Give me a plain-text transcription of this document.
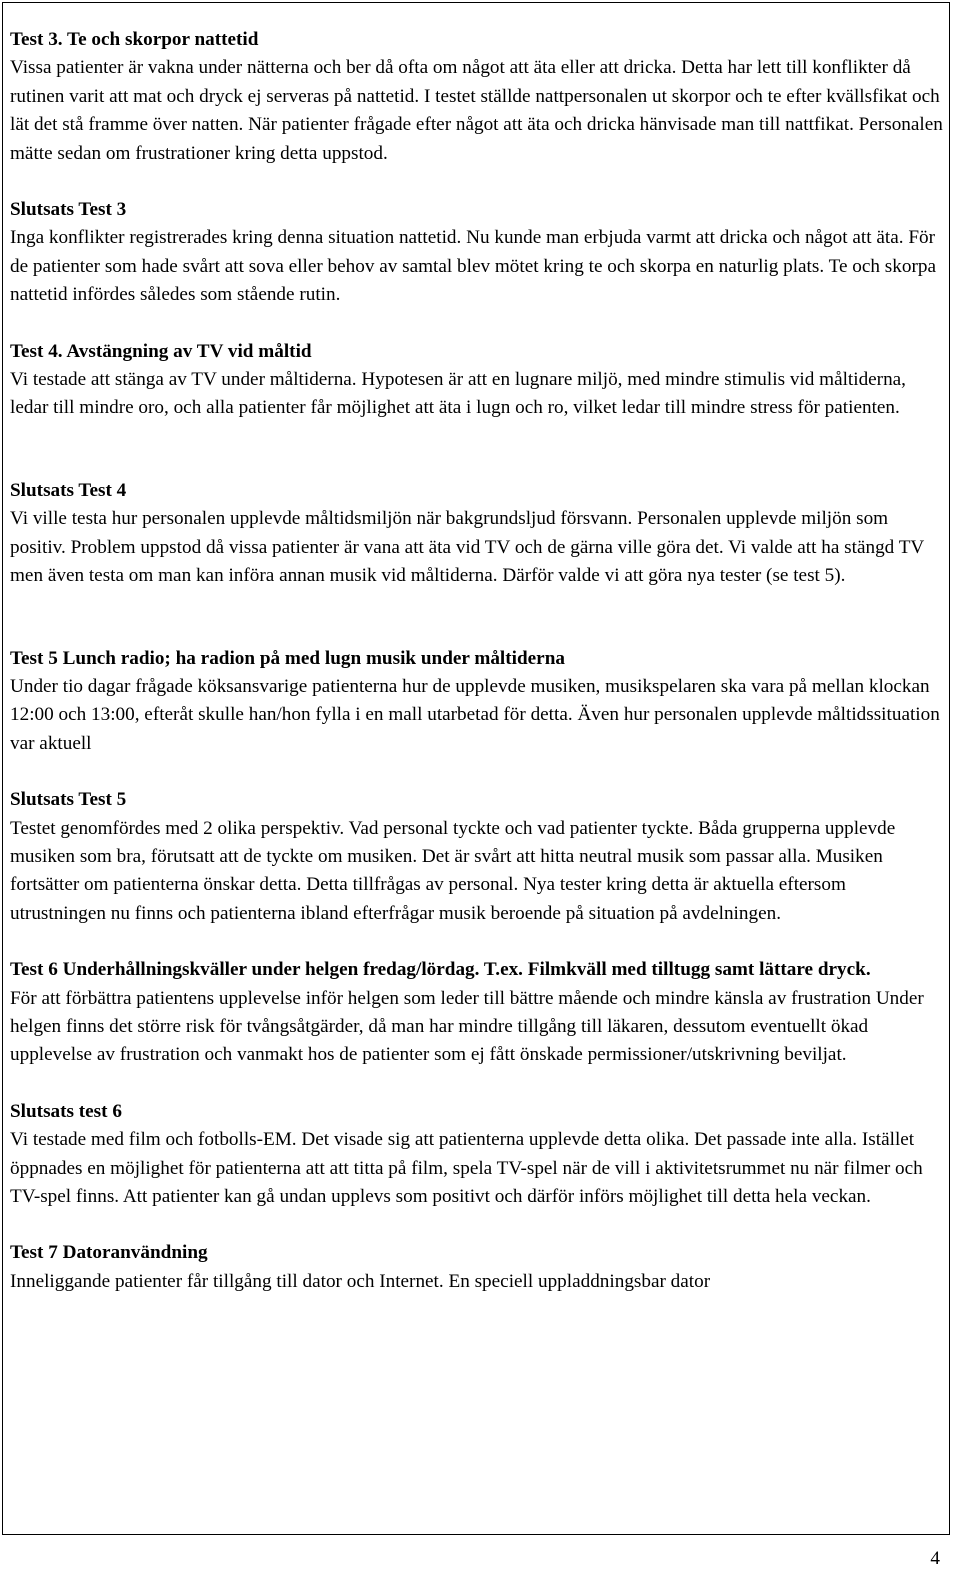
Test 3. Te och skorpor nattetid

Vissa patienter är vakna under nätterna och ber då ofta om något att äta eller att dricka. Detta har lett till konflikter då rutinen varit att mat och dryck ej serveras på nattetid. I testet ställde nattpersonalen ut skorpor och te efter kvällsfikat och lät det stå framme över natten. När patienter frågade efter något att äta och dricka hänvisade man till nattfikat. Personalen mätte sedan om frustrationer kring detta uppstod.

Slutsats Test 3

Inga konflikter registrerades kring denna situation nattetid. Nu kunde man erbjuda varmt att dricka och något att äta. För de patienter som hade svårt att sova eller behov av samtal blev mötet kring te och skorpa en naturlig plats. Te och skorpa nattetid infördes således som stående rutin.

Test 4. Avstängning av TV vid måltid

Vi testade att stänga av TV under måltiderna. Hypotesen är att en lugnare miljö, med mindre stimulis vid måltiderna, ledar till mindre oro, och alla patienter får möjlighet att äta i lugn och ro, vilket ledar till mindre stress för patienten.

Slutsats Test 4

Vi ville testa hur personalen upplevde måltidsmiljön när bakgrundsljud försvann. Personalen upplevde miljön som positiv. Problem uppstod då vissa patienter är vana att äta vid TV och de gärna ville göra det. Vi valde att ha stängd TV men även testa om man kan införa annan musik vid måltiderna. Därför valde vi att göra nya tester (se test 5).

Test 5 Lunch radio; ha radion på med lugn musik under måltiderna

Under tio dagar frågade köksansvarige patienterna hur de upplevde musiken, musikspelaren ska vara på mellan klockan 12:00 och 13:00, efteråt skulle han/hon fylla i en mall utarbetad för detta. Även hur personalen upplevde måltidssituation var aktuell

Slutsats Test 5

Testet genomfördes med 2 olika perspektiv. Vad personal tyckte och vad patienter tyckte. Båda grupperna upplevde musiken som bra, förutsatt att de tyckte om musiken. Det är svårt att hitta neutral musik som passar alla. Musiken fortsätter om patienterna önskar detta. Detta tillfrågas av personal. Nya tester kring detta är aktuella eftersom utrustningen nu finns och patienterna ibland efterfrågar musik beroende på situation på avdelningen.

Test 6 Underhållningskväller under helgen fredag/lördag. T.ex. Filmkväll med tilltugg samt lättare dryck.

För att förbättra patientens upplevelse inför helgen som leder till bättre mående och mindre känsla av frustration Under helgen finns det större risk för tvångsåtgärder, då man har mindre tillgång till läkaren, dessutom eventuellt ökad upplevelse av frustration och vanmakt hos de patienter som ej fått önskade permissioner/utskrivning beviljat.

Slutsats test 6

Vi testade med film och fotbolls-EM. Det visade sig att patienterna upplevde detta olika. Det passade inte alla. Istället öppnades en möjlighet för patienterna att att titta på film, spela TV-spel när de vill i aktivitetsrummet nu när filmer och TV-spel finns. Att patienter kan gå undan upplevs som positivt och därför införs möjlighet till detta hela veckan.

Test 7 Datoranvändning

Inneliggande patienter får tillgång till dator och Internet. En speciell uppladdningsbar dator

4
